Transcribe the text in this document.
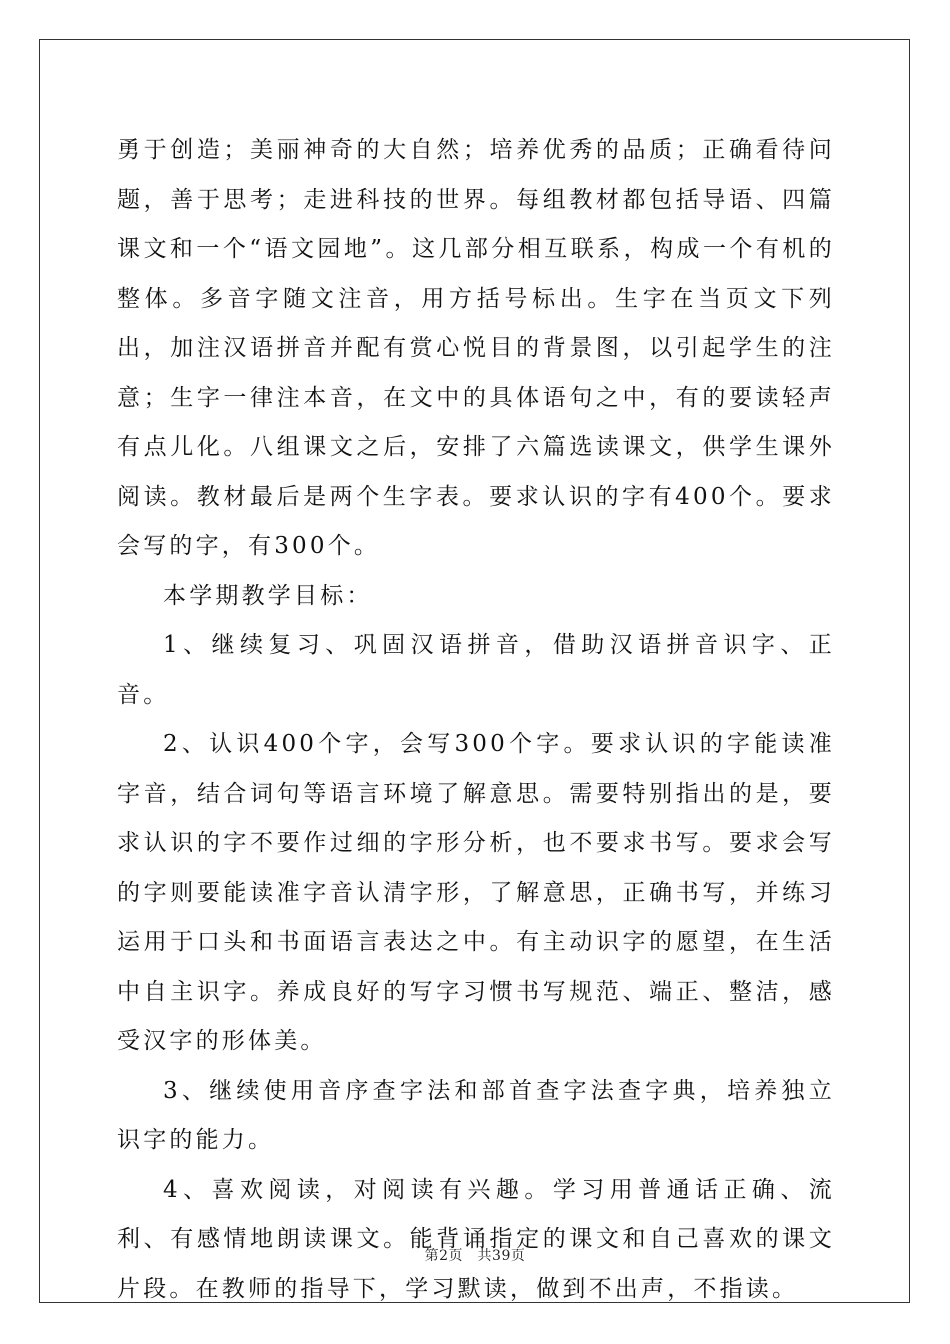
勇于创造；美丽神奇的大自然；培养优秀的品质；正确看待问题，善于思考；走进科技的世界。每组教材都包括导语、四篇课文和一个“语文园地”。这几部分相互联系，构成一个有机的整体。多音字随文注音，用方括号标出。生字在当页文下列出，加注汉语拼音并配有赏心悦目的背景图，以引起学生的注意；生字一律注本音，在文中的具体语句之中，有的要读轻声有点儿化。八组课文之后，安排了六篇选读课文，供学生课外阅读。教材最后是两个生字表。要求认识的字有400个。要求会写的字，有300个。

本学期教学目标：

1、继续复习、巩固汉语拼音，借助汉语拼音识字、正音。

2、认识400个字，会写300个字。要求认识的字能读准字音，结合词句等语言环境了解意思。需要特别指出的是，要求认识的字不要作过细的字形分析，也不要求书写。要求会写的字则要能读准字音认清字形，了解意思，正确书写，并练习运用于口头和书面语言表达之中。有主动识字的愿望，在生活中自主识字。养成良好的写字习惯书写规范、端正、整洁，感受汉字的形体美。

3、继续使用音序查字法和部首查字法查字典，培养独立识字的能力。

4、喜欢阅读，对阅读有兴趣。学习用普通话正确、流利、有感情地朗读课文。能背诵指定的课文和自己喜欢的课文片段。在教师的指导下，学习默读，做到不出声，不指读。

第2页　共39页
